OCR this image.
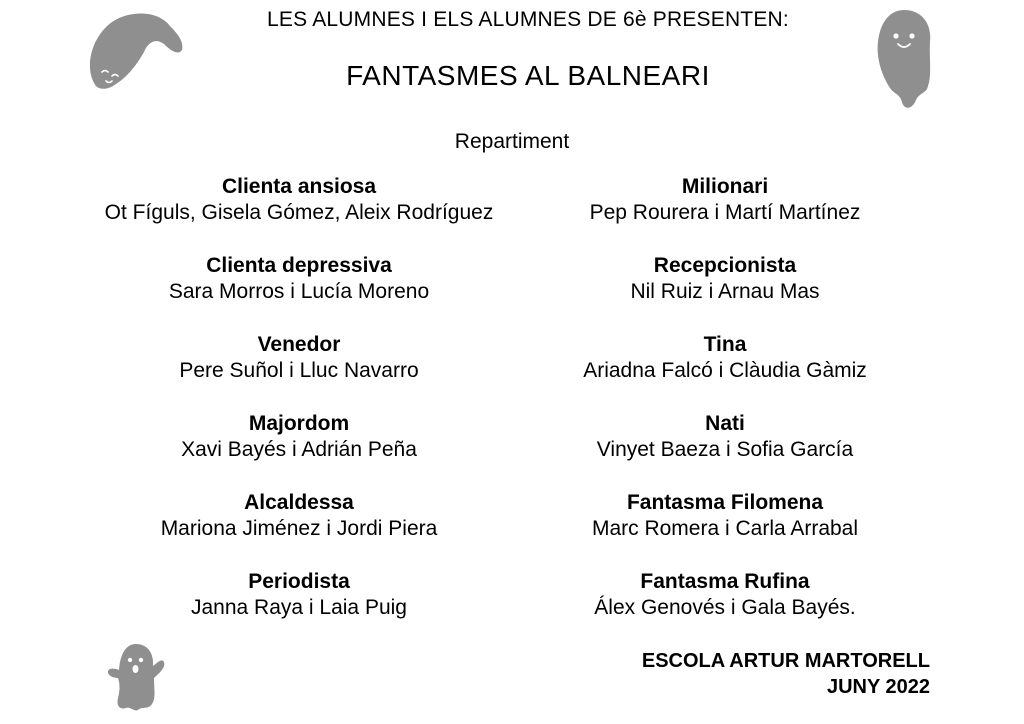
LES ALUMNES I ELS ALUMNES DE 6è PRESENTEN:
FANTASMES AL BALNEARI
Repartiment
Clienta ansiosa
Ot Fíguls, Gisela Gómez, Aleix Rodríguez
Clienta depressiva
Sara Morros i Lucía Moreno
Venedor
Pere Suñol i Lluc Navarro
Majordom
Xavi Bayés i Adrián Peña
Alcaldessa
Mariona Jiménez i Jordi Piera
Periodista
Janna Raya i Laia Puig
Milionari
Pep Rourera i Martí Martínez
Recepcionista
Nil Ruiz i Arnau Mas
Tina
Ariadna Falcó i Clàudia Gàmiz
Nati
Vinyet Baeza i Sofia García
Fantasma Filomena
Marc Romera i Carla Arrabal
Fantasma Rufina
Álex Genovés i Gala Bayés.
ESCOLA ARTUR MARTORELL
JUNY 2022
